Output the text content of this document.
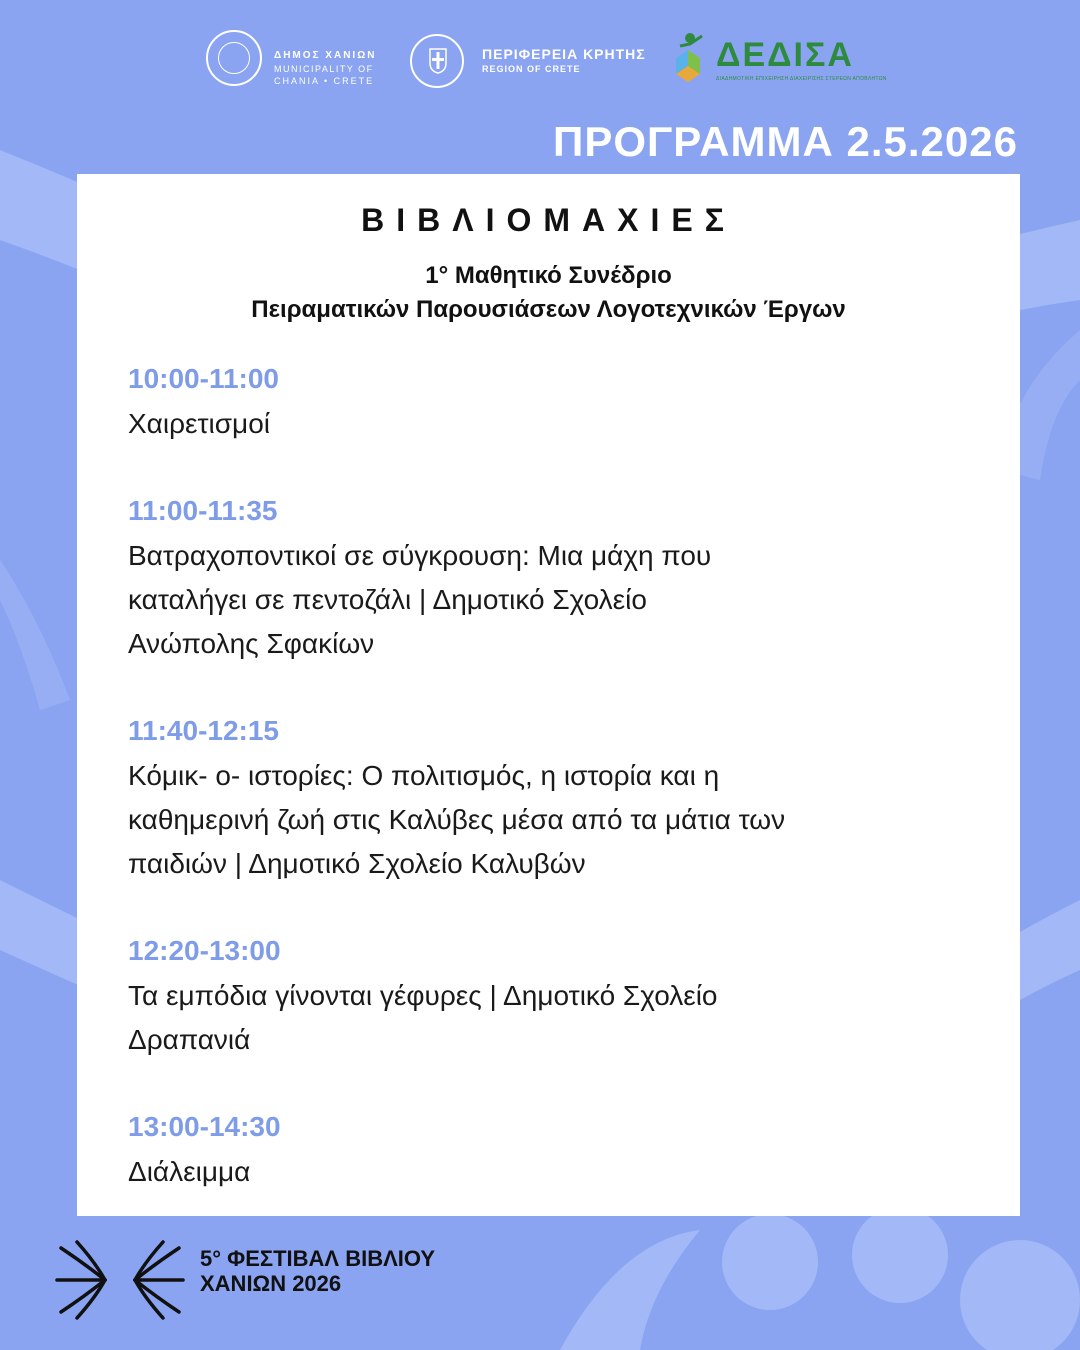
ΔΗΜΟΣ ΧΑΝΙΩΝ
MUNICIPALITY OF
CHANIA • CRETE
ΠΕΡΙΦΕΡΕΙΑ ΚΡΗΤΗΣ
REGION OF CRETE	ΔΕΔΙΣΑ
ΔΙΑΔΗΜΟΤΙΚΗ ΕΠΙΧΕΙΡΗΣΗ ΔΙΑΧΕΙΡΙΣΗΣ ΣΤΕΡΕΩΝ ΑΠΟΒΛΗΤΩΝ
ΠΡΟΓΡΑΜΜΑ 2.5.2026
ΒΙΒΛΙΟΜΑΧΙΕΣ
1° Μαθητικό Συνέδριο
Πειραματικών Παρουσιάσεων Λογοτεχνικών Έργων
10:00-11:00
Χαιρετισμοί
11:00-11:35
Βατραχοποντικοί σε σύγκρουση: Μια μάχη που
καταλήγει σε πεντοζάλι | Δημοτικό Σχολείο
Ανώπολης Σφακίων
11:40-12:15
Κόμικ- ο- ιστορίες: Ο πολιτισμός, η ιστορία και η
καθημερινή ζωή στις Καλύβες μέσα από τα μάτια των
παιδιών | Δημοτικό Σχολείο Καλυβών
12:20-13:00
Τα εμπόδια γίνονται γέφυρες | Δημοτικό Σχολείο
Δραπανιά
13:00-14:30
Διάλειμμα
5° ΦΕΣΤΙΒΑΛ ΒΙΒΛΙΟΥ
ΧΑΝΙΩΝ 2026
